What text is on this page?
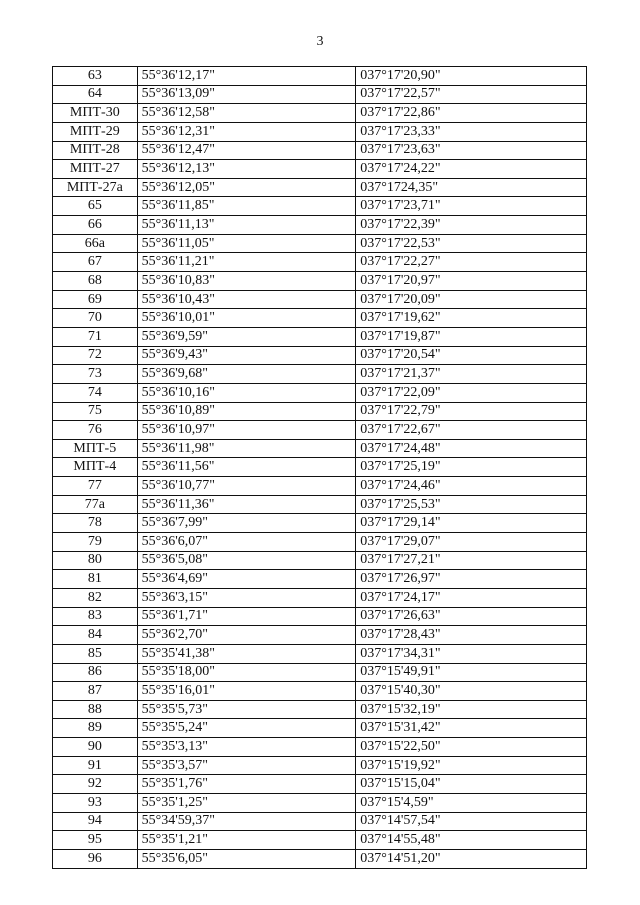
3
63	55°36'12,17"	037°17'20,90"
64	55°36'13,09"	037°17'22,57"
МПТ-30	55°36'12,58"	037°17'22,86"
МПТ-29	55°36'12,31"	037°17'23,33"
МПТ-28	55°36'12,47"	037°17'23,63"
МПТ-27	55°36'12,13"	037°17'24,22"
МПТ-27а	55°36'12,05"	037°1724,35"
65	55°36'11,85"	037°17'23,71"
66	55°36'11,13"	037°17'22,39"
66а	55°36'11,05"	037°17'22,53"
67	55°36'11,21"	037°17'22,27"
68	55°36'10,83"	037°17'20,97"
69	55°36'10,43"	037°17'20,09"
70	55°36'10,01"	037°17'19,62"
71	55°36'9,59"	037°17'19,87"
72	55°36'9,43"	037°17'20,54"
73	55°36'9,68"	037°17'21,37"
74	55°36'10,16"	037°17'22,09"
75	55°36'10,89"	037°17'22,79"
76	55°36'10,97"	037°17'22,67"
МПТ-5	55°36'11,98"	037°17'24,48"
МПТ-4	55°36'11,56"	037°17'25,19"
77	55°36'10,77"	037°17'24,46"
77а	55°36'11,36"	037°17'25,53"
78	55°36'7,99"	037°17'29,14"
79	55°36'6,07"	037°17'29,07"
80	55°36'5,08"	037°17'27,21"
81	55°36'4,69"	037°17'26,97"
82	55°36'3,15"	037°17'24,17"
83	55°36'1,71"	037°17'26,63"
84	55°36'2,70"	037°17'28,43"
85	55°35'41,38"	037°17'34,31"
86	55°35'18,00"	037°15'49,91"
87	55°35'16,01"	037°15'40,30"
88	55°35'5,73"	037°15'32,19"
89	55°35'5,24"	037°15'31,42"
90	55°35'3,13"	037°15'22,50"
91	55°35'3,57"	037°15'19,92"
92	55°35'1,76"	037°15'15,04"
93	55°35'1,25"	037°15'4,59"
94	55°34'59,37"	037°14'57,54"
95	55°35'1,21"	037°14'55,48"
96	55°35'6,05"	037°14'51,20"
